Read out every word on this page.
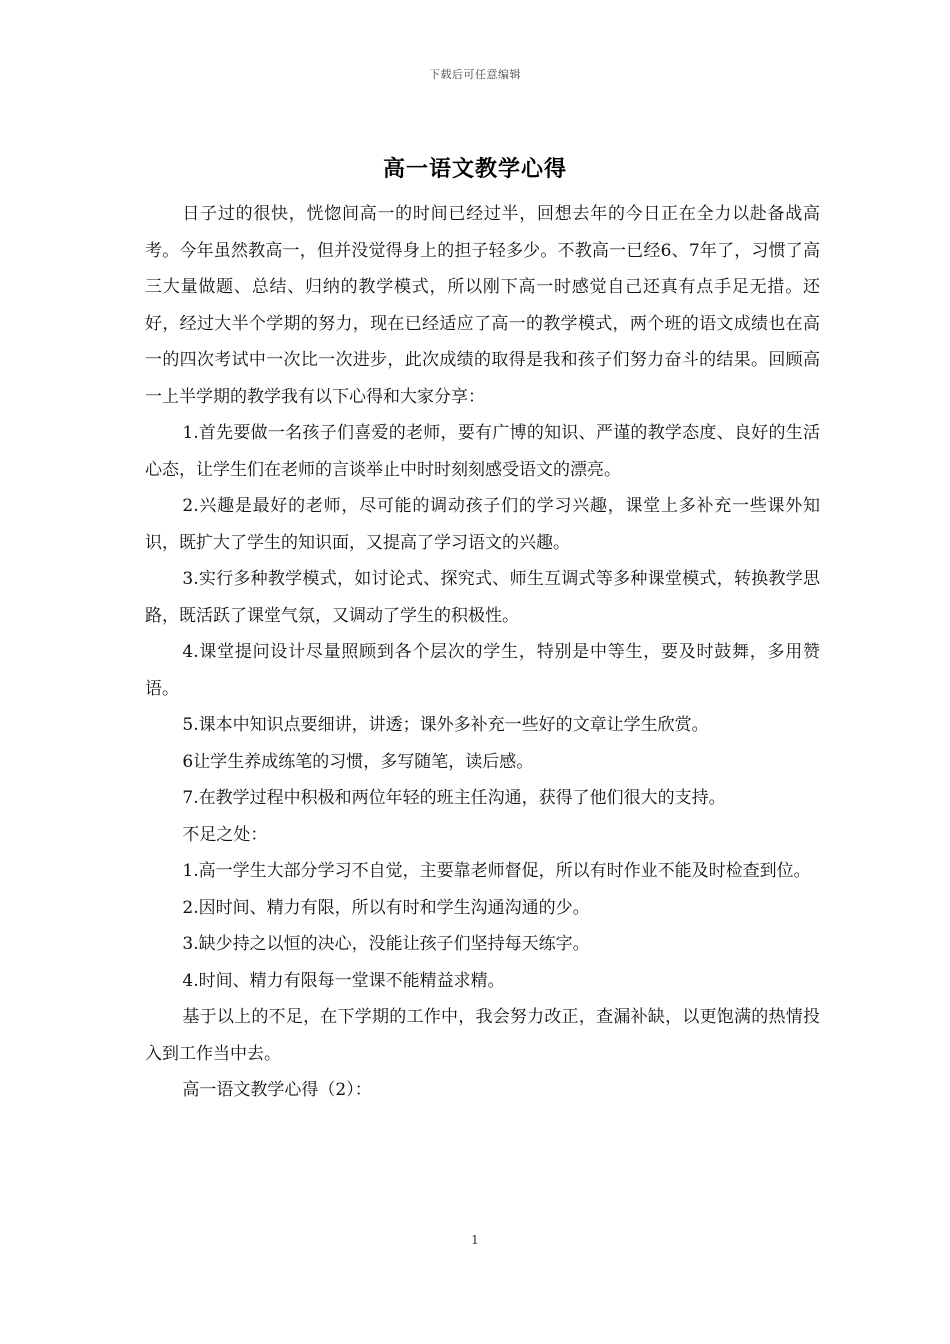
下载后可任意编辑
高一语文教学心得

日子过的很快，恍惚间高一的时间已经过半，回想去年的今日正在全力以赴备战高考。今年虽然教高一，但并没觉得身上的担子轻多少。不教高一已经6、7年了，习惯了高三大量做题、总结、归纳的教学模式，所以刚下高一时感觉自己还真有点手足无措。还好，经过大半个学期的努力，现在已经适应了高一的教学模式，两个班的语文成绩也在高一的四次考试中一次比一次进步，此次成绩的取得是我和孩子们努力奋斗的结果。回顾高一上半学期的教学我有以下心得和大家分享：

1.首先要做一名孩子们喜爱的老师，要有广博的知识、严谨的教学态度、良好的生活心态，让学生们在老师的言谈举止中时时刻刻感受语文的漂亮。

2.兴趣是最好的老师，尽可能的调动孩子们的学习兴趣，课堂上多补充一些课外知识，既扩大了学生的知识面，又提高了学习语文的兴趣。

3.实行多种教学模式，如讨论式、探究式、师生互调式等多种课堂模式，转换教学思路，既活跃了课堂气氛，又调动了学生的积极性。

4.课堂提问设计尽量照顾到各个层次的学生，特别是中等生，要及时鼓舞，多用赞语。

5.课本中知识点要细讲，讲透；课外多补充一些好的文章让学生欣赏。

6让学生养成练笔的习惯，多写随笔，读后感。

7.在教学过程中积极和两位年轻的班主任沟通，获得了他们很大的支持。

不足之处：

1.高一学生大部分学习不自觉，主要靠老师督促，所以有时作业不能及时检查到位。

2.因时间、精力有限，所以有时和学生沟通沟通的少。

3.缺少持之以恒的决心，没能让孩子们坚持每天练字。

4.时间、精力有限每一堂课不能精益求精。

基于以上的不足，在下学期的工作中，我会努力改正，查漏补缺，以更饱满的热情投入到工作当中去。

高一语文教学心得（2）：

1
